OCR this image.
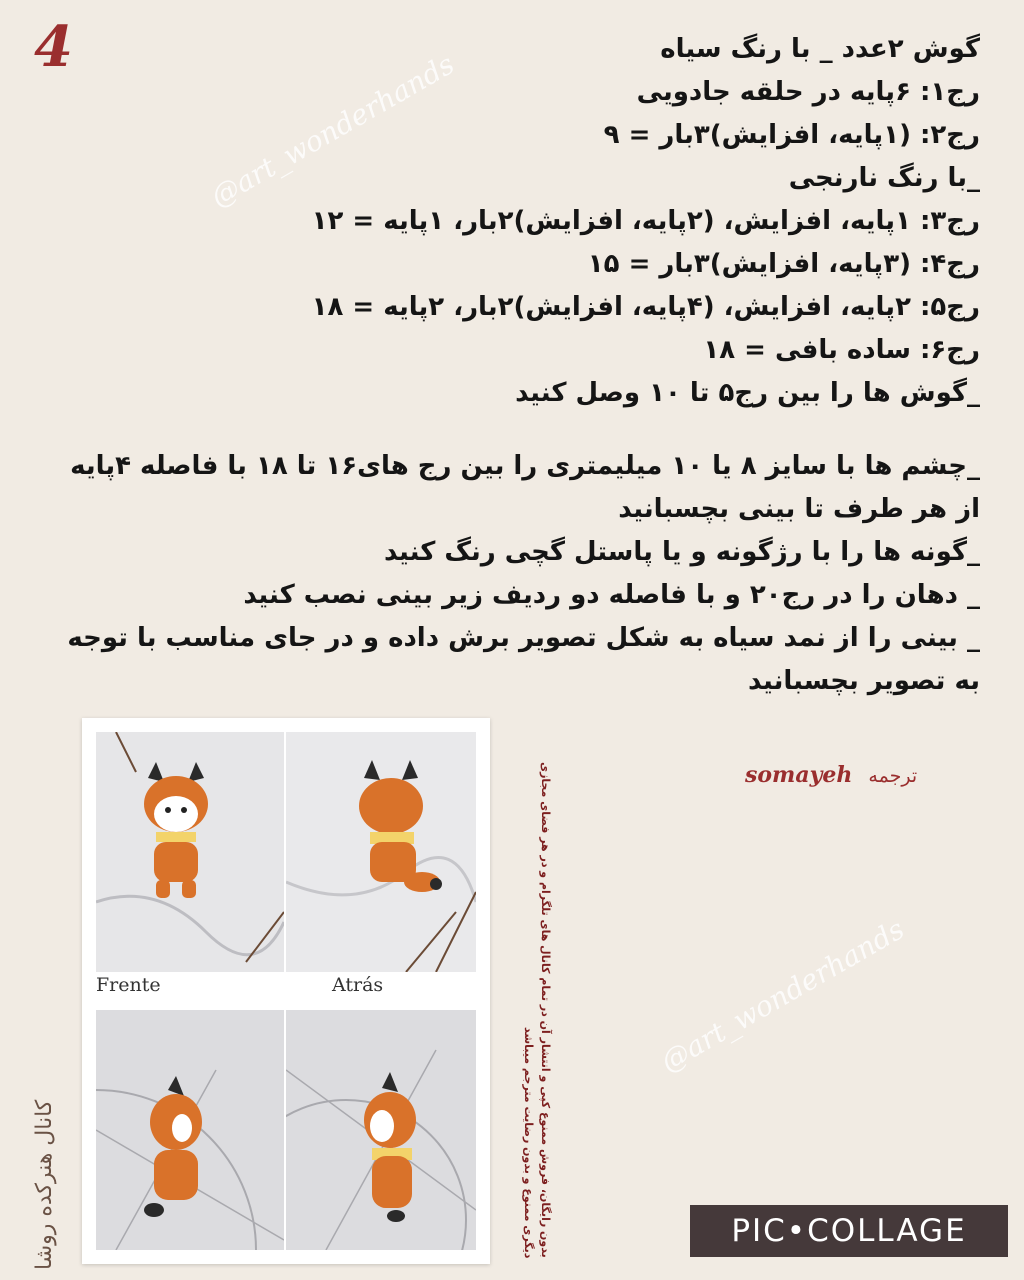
4
@art_wonderhands
@art_wonderhands
گوش ۲عدد _ با رنگ سیاه
رج۱: ۶پایه در حلقه جادویی
رج۲: (۱پایه، افزایش)۳بار = ۹
_با رنگ نارنجی
رج۳: ۱پایه، افزایش، (۲پایه، افزایش)۲بار، ۱پایه = ۱۲
رج۴: (۳پایه، افزایش)۳بار = ۱۵
رج۵: ۲پایه، افزایش، (۴پایه، افزایش)۲بار، ۲پایه = ۱۸
رج۶: ساده بافی = ۱۸
_گوش ها را بین رج۵ تا ۱۰ وصل کنید
_چشم ها با سایز ۸ یا ۱۰ میلیمتری را بین رج های۱۶ تا ۱۸ با فاصله ۴پایه از هر طرف تا بینی بچسبانید
_گونه ها را با رژگونه و یا پاستل گچی رنگ کنید
_ دهان را در رج۲۰ و با فاصله دو ردیف زیر بینی نصب کنید
_ بینی را از نمد سیاه به شکل تصویر برش داده و در جای مناسب با توجه به تصویر بچسبانید
ترجمه somayeh
Frente	Atrás	بدون رایگان، فروش ممنوع کپی و انتشار آن در تمام کانال های تلگرام و در هر فضای مجازی دیگری ممنوع و بدون رضایت مترجم میباشد
کانال هنرکده روشا	PIC•COLLAGE
